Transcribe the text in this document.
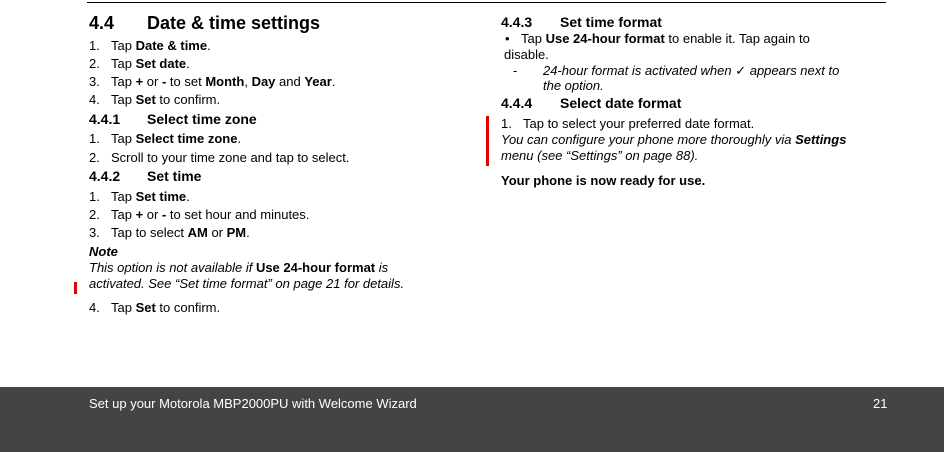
4.4 Date & time settings
1. Tap Date & time.
2. Tap Set date.
3. Tap + or - to set Month, Day and Year.
4. Tap Set to confirm.
4.4.1 Select time zone
1. Tap Select time zone.
2. Scroll to your time zone and tap to select.
4.4.2 Set time
1. Tap Set time.
2. Tap + or - to set hour and minutes.
3. Tap to select AM or PM.
Note
This option is not available if Use 24-hour format is
activated. See “Set time format” on page 21 for details.
4. Tap Set to confirm.
4.4.3 Set time format
• Tap Use 24-hour format to enable it. Tap again to
disable.
- 24-hour format is activated when ✓ appears next to
the option.
4.4.4 Select date format
1. Tap to select your preferred date format.
You can configure your phone more thoroughly via Settings
menu (see “Settings” on page 88).
Your phone is now ready for use.
Set up your Motorola MBP2000PU with Welcome Wizard	21
